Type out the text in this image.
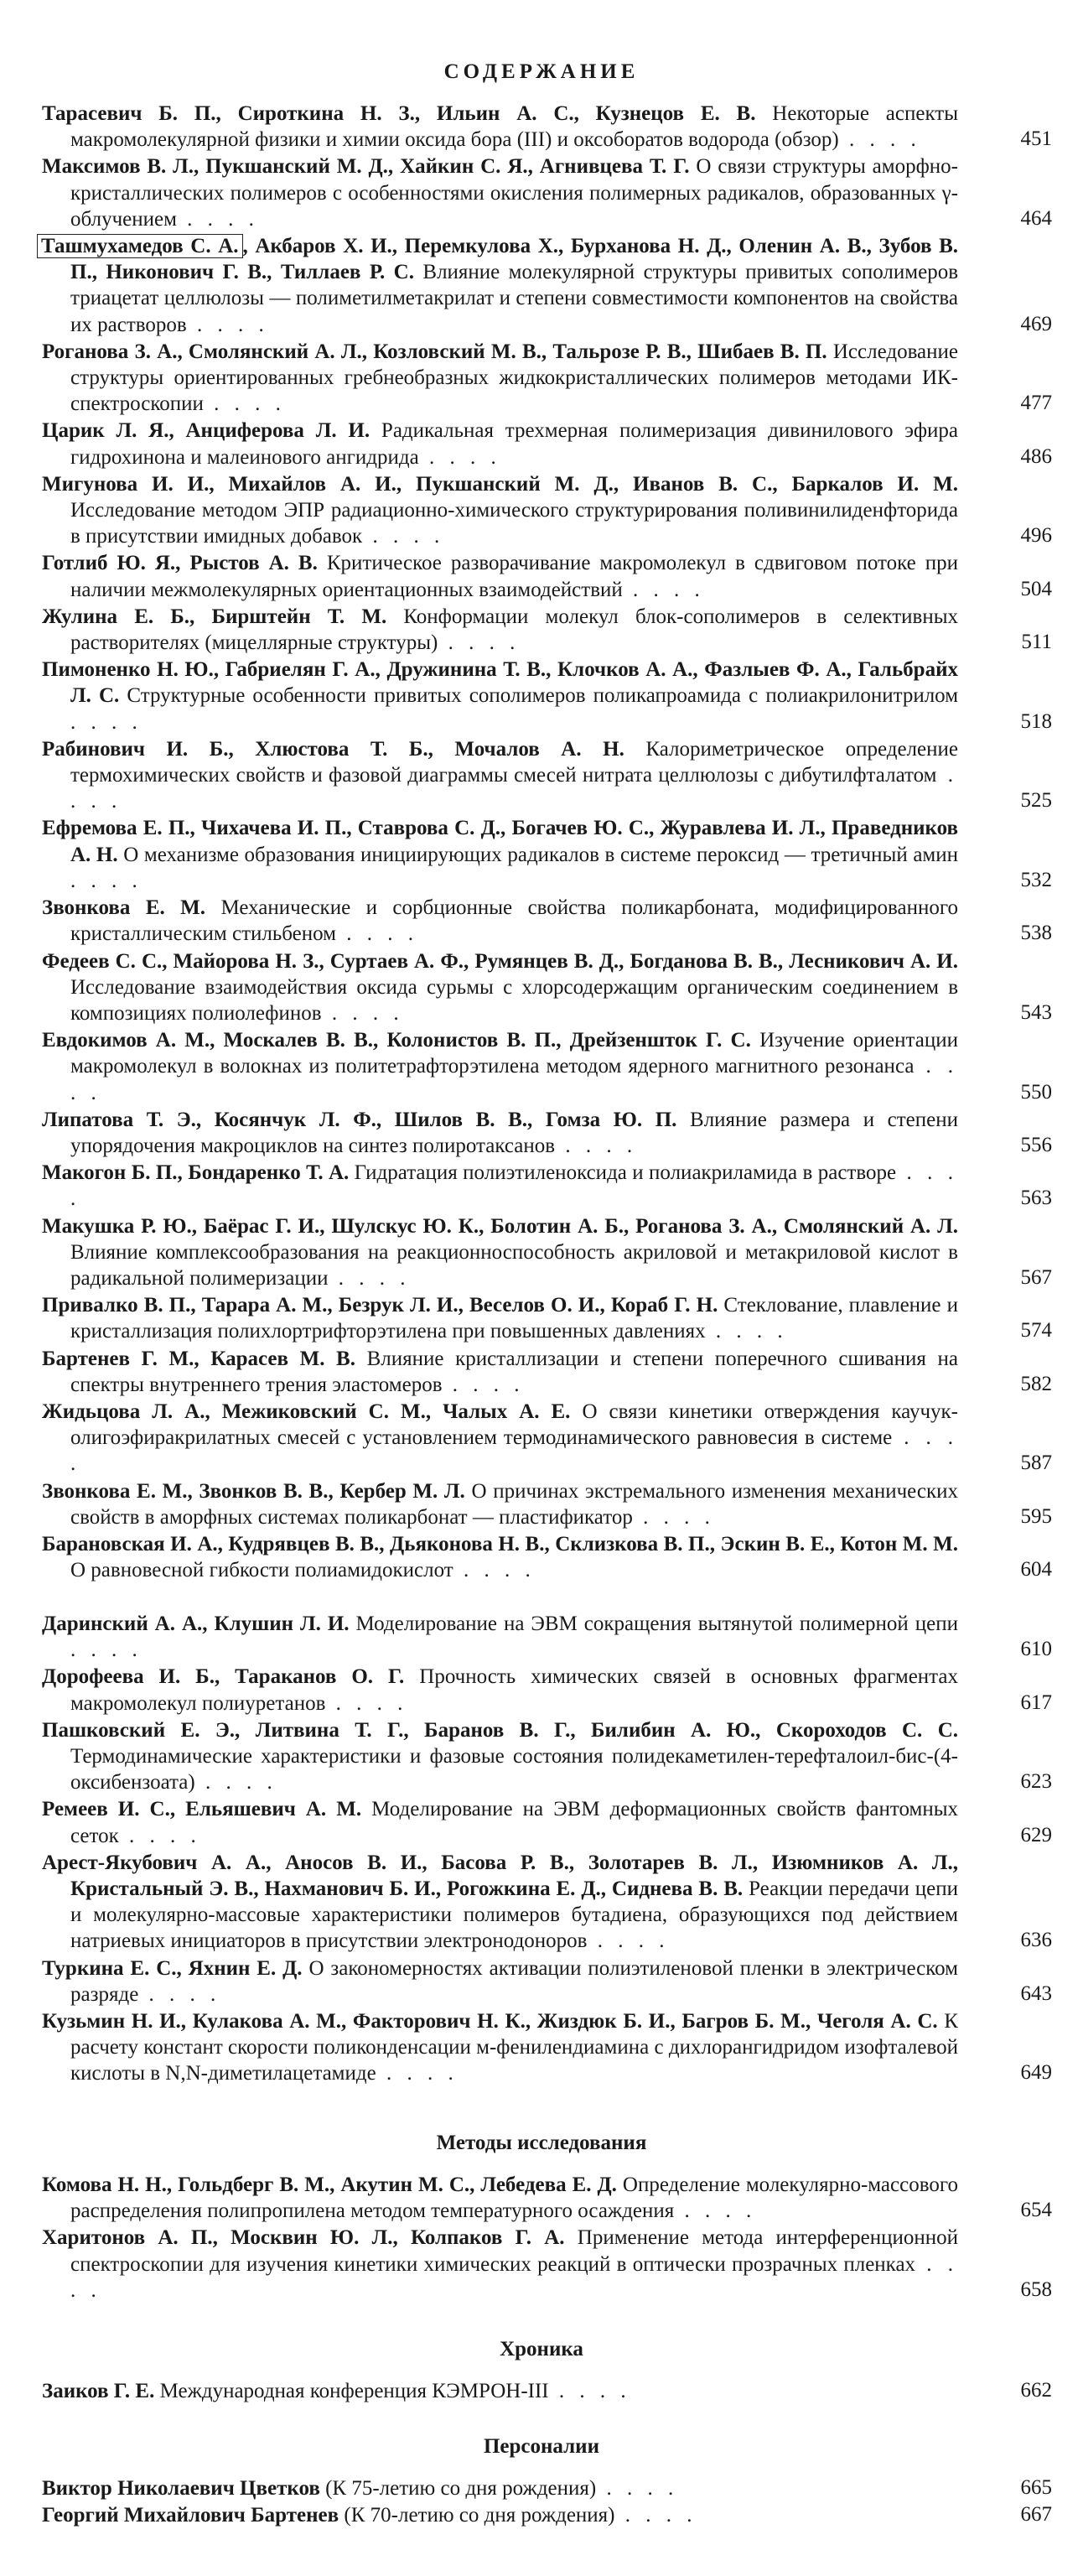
СОДЕРЖАНИЕ
Тарасевич Б. П., Сироткина Н. З., Ильин А. С., Кузнецов Е. В. Некоторые аспекты макромолекулярной физики и химии оксида бора (III) и оксоборатов водорода (обзор) . . . .	451
Максимов В. Л., Пукшанский М. Д., Хайкин С. Я., Агнивцева Т. Г. О связи структуры аморфно-кристаллических полимеров с особенностями окисления полимерных радикалов, образованных γ-облучением . . . .	464
Ташмухамедов С. А. , Акбаров Х. И., Перемкулова Х., Бурханова Н. Д., Оленин А. В., Зубов В. П., Никонович Г. В., Тиллаев Р. С. Влияние молекулярной структуры привитых сополимеров триацетат целлюлозы — полиметилметакрилат и степени совместимости компонентов на свойства их растворов . . . .	469
Роганова З. А., Смолянский А. Л., Козловский М. В., Тальрозе Р. В., Шибаев В. П. Исследование структуры ориентированных гребнеобразных жидкокристаллических полимеров методами ИК-спектроскопии . . . .	477
Царик Л. Я., Анциферова Л. И. Радикальная трехмерная полимеризация дивинилового эфира гидрохинона и малеинового ангидрида . . . .	486
Мигунова И. И., Михайлов А. И., Пукшанский М. Д., Иванов В. С., Баркалов И. М. Исследование методом ЭПР радиационно-химического структурирования поливинилиденфторида в присутствии имидных добавок . . . .	496
Готлиб Ю. Я., Рыстов А. В. Критическое разворачивание макромолекул в сдвиговом потоке при наличии межмолекулярных ориентационных взаимодействий . . . .	504
Жулина Е. Б., Бирштейн Т. М. Конформации молекул блок-сополимеров в селективных растворителях (мицеллярные структуры) . . . .	511
Пимоненко Н. Ю., Габриелян Г. А., Дружинина Т. В., Клочков А. А., Фазлыев Ф. А., Гальбрайх Л. С. Структурные особенности привитых сополимеров поликапроамида с полиакрилонитрилом . . . .	518
Рабинович И. Б., Хлюстова Т. Б., Мочалов А. Н. Калориметрическое определение термохимических свойств и фазовой диаграммы смесей нитрата целлюлозы с дибутилфталатом . . . .	525
Ефремова Е. П., Чихачева И. П., Ставрова С. Д., Богачев Ю. С., Журавлева И. Л., Праведников А. Н. О механизме образования инициирующих радикалов в системе пероксид — третичный амин . . . .	532
Звонкова Е. М. Механические и сорбционные свойства поликарбоната, модифицированного кристаллическим стильбеном . . . .	538
Федеев С. С., Майорова Н. З., Суртаев А. Ф., Румянцев В. Д., Богданова В. В., Лесникович А. И. Исследование взаимодействия оксида сурьмы с хлорсодержащим органическим соединением в композициях полиолефинов . . . .	543
Евдокимов А. М., Москалев В. В., Колонистов В. П., Дрейзеншток Г. С. Изучение ориентации макромолекул в волокнах из политетрафторэтилена методом ядерного магнитного резонанса . . . .	550
Липатова Т. Э., Косянчук Л. Ф., Шилов В. В., Гомза Ю. П. Влияние размера и степени упорядочения макроциклов на синтез полиротаксанов . . . .	556
Макогон Б. П., Бондаренко Т. А. Гидратация полиэтиленоксида и полиакриламида в растворе . . . .	563
Макушка Р. Ю., Баёрас Г. И., Шулскус Ю. К., Болотин А. Б., Роганова З. А., Смолянский А. Л. Влияние комплексообразования на реакционноспособность акриловой и метакриловой кислот в радикальной полимеризации . . . .	567
Привалко В. П., Тарара А. М., Безрук Л. И., Веселов О. И., Кораб Г. Н. Стеклование, плавление и кристаллизация полихлортрифторэтилена при повышенных давлениях . . . .	574
Бартенев Г. М., Карасев М. В. Влияние кристаллизации и степени поперечного сшивания на спектры внутреннего трения эластомеров . . . .	582
Жидьцова Л. А., Межиковский С. М., Чалых А. Е. О связи кинетики отверждения каучук-олигоэфиракрилатных смесей с установлением термодинамического равновесия в системе . . . .	587
Звонкова Е. М., Звонков В. В., Кербер М. Л. О причинах экстремального изменения механических свойств в аморфных системах поликарбонат — пластификатор . . . .	595
Барановская И. А., Кудрявцев В. В., Дьяконова Н. В., Склизкова В. П., Эскин В. Е., Котон М. М. О равновесной гибкости полиамидокислот . . . .	604
Даринский А. А., Клушин Л. И. Моделирование на ЭВМ сокращения вытянутой полимерной цепи . . . .	610
Дорофеева И. Б., Тараканов О. Г. Прочность химических связей в основных фрагментах макромолекул полиуретанов . . . .	617
Пашковский Е. Э., Литвина Т. Г., Баранов В. Г., Билибин А. Ю., Скороходов С. С. Термодинамические характеристики и фазовые состояния полидекаметилен-терефталоил-бис-(4-оксибензоата) . . . .	623
Ремеев И. С., Ельяшевич А. М. Моделирование на ЭВМ деформационных свойств фантомных сеток . . . .	629
Арест-Якубович А. А., Аносов В. И., Басова Р. В., Золотарев В. Л., Изюмников А. Л., Кристальный Э. В., Нахманович Б. И., Рогожкина Е. Д., Сиднева В. В. Реакции передачи цепи и молекулярно-массовые характеристики полимеров бутадиена, образующихся под действием натриевых инициаторов в присутствии электронодоноров . . . .	636
Туркина Е. С., Яхнин Е. Д. О закономерностях активации полиэтиленовой пленки в электрическом разряде . . . .	643
Кузьмин Н. И., Кулакова А. М., Факторович Н. К., Жиздюк Б. И., Багров Б. М., Чеголя А. С. К расчету констант скорости поликонденсации м-фенилендиамина с дихлорангидридом изофталевой кислоты в N,N-диметилацетамиде . . . .	649
Методы исследования
Комова Н. Н., Гольдберг В. М., Акутин М. С., Лебедева Е. Д. Определение молекулярно-массового распределения полипропилена методом температурного осаждения . . . .	654
Харитонов А. П., Москвин Ю. Л., Колпаков Г. А. Применение метода интерференционной спектроскопии для изучения кинетики химических реакций в оптически прозрачных пленках . . . .	658
Хроника
Заиков Г. Е. Международная конференция КЭМРОН-III . . . .	662
Персоналии
Виктор Николаевич Цветков (К 75-летию со дня рождения) . . . .	665
Георгий Михайлович Бартенев (К 70-летию со дня рождения) . . . .	667
